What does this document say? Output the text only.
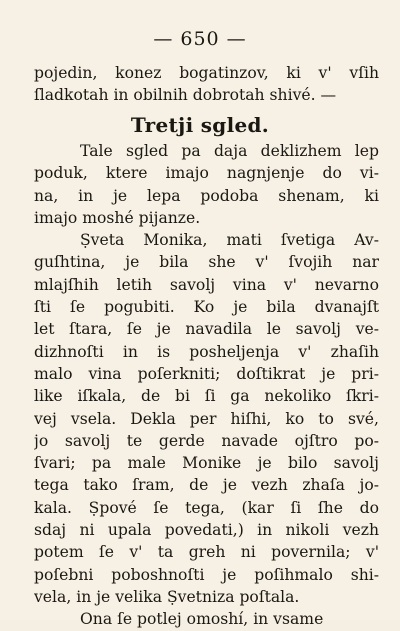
— 650 —
pojedin, konez bogatinzov, ki v' vſih
ſladkotah in obilnih dobrotah shivé. —
Tretji sgled.
Tale sgled pa daja deklizhem lep
poduk, ktere imajo nagnjenje do vi-
na, in je lepa podoba shenam, ki
imajo moshé pijanze.
Ṣveta Monika, mati ſvetiga Av-
guſhtina, je bila she v' ſvojih nar
mlajſhih letih savolj vina v' nevarno
ſti ſe pogubiti. Ko je bila dvanajſt
let ſtara, ſe je navadila le savolj ve-
dizhnoſti in is posheljenja v' zhaſih
malo vina poſerkniti; doſtikrat je pri-
like iſkala, de bi ſi ga nekoliko ſkri-
vej vsela. Dekla per hiſhi, ko to své,
jo savolj te gerde navade ojſtro po-
ſvari; pa male Monike je bilo savolj
tega tako ſram, de je vezh zhaſa jo-
kala. Ṣpové ſe tega, (kar ſi ſhe do
sdaj ni upala povedati,) in nikoli vezh
potem ſe v' ta greh ni povernila; v'
poſebni poboshnoſti je poſihmalo shi-
vela, in je velika Ṣvetniza poſtala.
Ona ſe potlej omoshí, in vsame
